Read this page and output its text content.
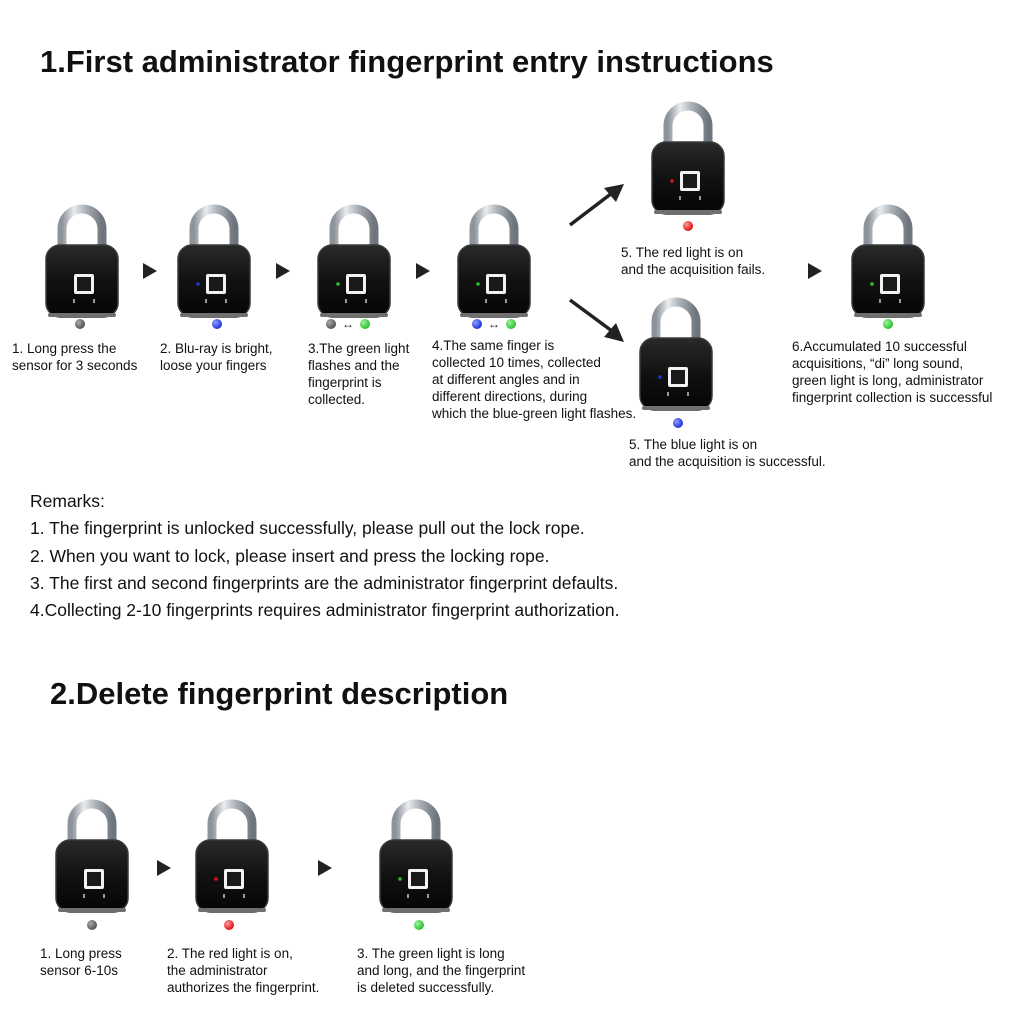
1.First administrator fingerprint entry instructions
↔	↔
1. Long press the
sensor for 3 seconds
2. Blu-ray is bright,
loose your fingers
3.The green light
flashes and the
fingerprint is
collected.
4.The same finger is
collected 10 times, collected
at different angles and in
different directions, during
which the blue-green light flashes.
5. The red light is on
and the acquisition fails.
5. The blue light is on
and the acquisition is successful.
6.Accumulated 10 successful
acquisitions, “di” long sound,
green light is long, administrator
fingerprint collection is successful
Remarks:
1. The fingerprint is unlocked successfully, please pull out the lock rope.
2. When you want to lock, please insert and press the locking rope.
3. The first and second fingerprints are the administrator fingerprint defaults.
4.Collecting 2-10 fingerprints requires administrator fingerprint authorization.
2.Delete fingerprint description
1. Long press
sensor 6-10s
2. The red light is on,
the administrator
authorizes the fingerprint.
3. The green light is long
and long, and the fingerprint
is deleted successfully.
